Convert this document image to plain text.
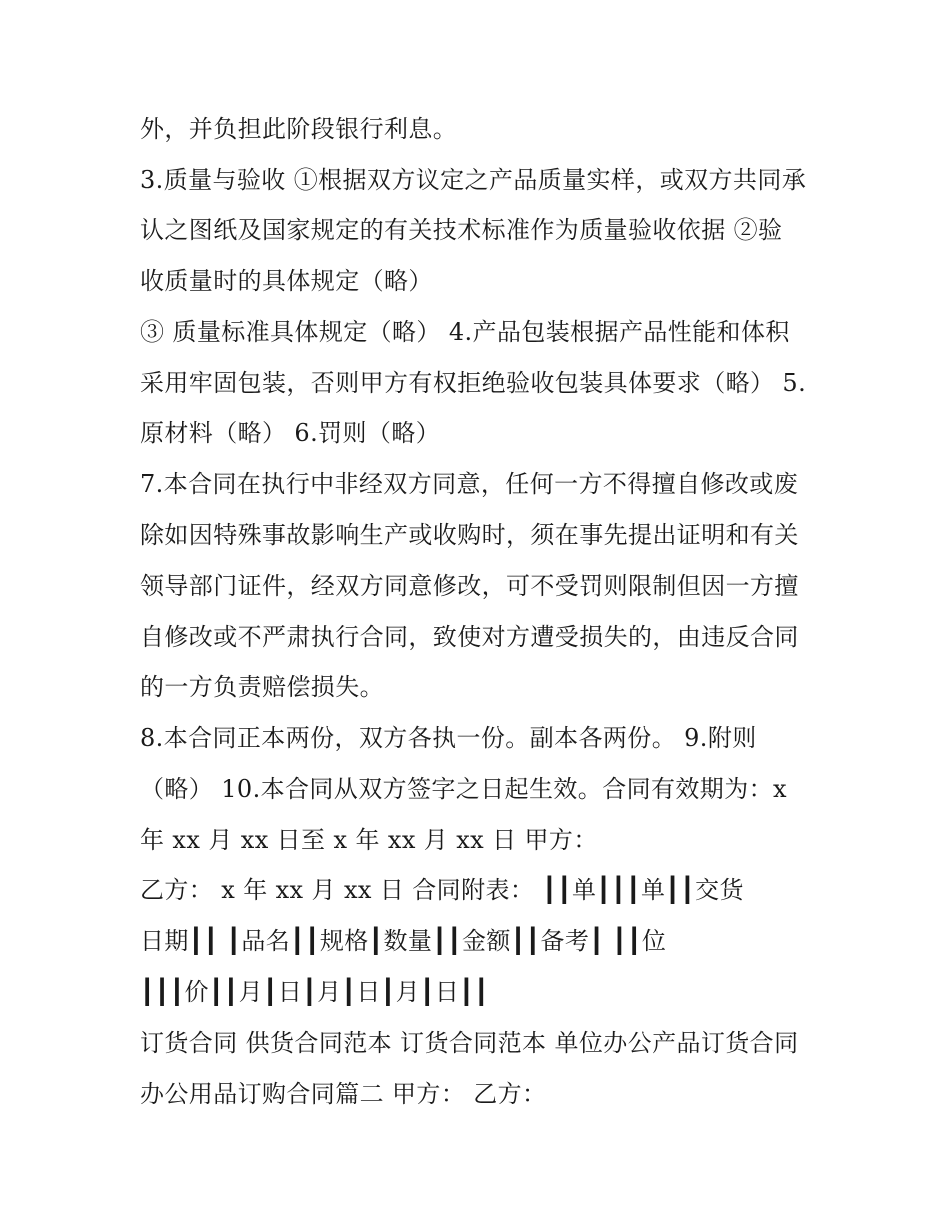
外，并负担此阶段银行利息。
3.质量与验收 ①根据双方议定之产品质量实样，或双方共同承
认之图纸及国家规定的有关技术标准作为质量验收依据 ②验
收质量时的具体规定（略）
③ 质量标准具体规定（略） 4.产品包装根据产品性能和体积
采用牢固包装，否则甲方有权拒绝验收包装具体要求（略） 5.
原材料（略） 6.罚则（略）
7.本合同在执行中非经双方同意，任何一方不得擅自修改或废
除如因特殊事故影响生产或收购时，须在事先提出证明和有关
领导部门证件，经双方同意修改，可不受罚则限制但因一方擅
自修改或不严肃执行合同，致使对方遭受损失的，由违反合同
的一方负责赔偿损失。
8.本合同正本两份，双方各执一份。副本各两份。 9.附则
（略） 10.本合同从双方签字之日起生效。合同有效期为：x
年 xx 月 xx 日至 x 年 xx 月 xx 日 甲方：
乙方： x 年 xx 月 xx 日 合同附表： ┃┃单┃┃┃单┃┃交货
日期┃┃ ┃品名┃┃规格┃数量┃┃金额┃┃备考┃ ┃┃位
┃┃┃价┃┃月┃日┃月┃日┃月┃日┃┃
订货合同 供货合同范本 订货合同范本 单位办公产品订货合同
办公用品订购合同篇二 甲方： 乙方：
